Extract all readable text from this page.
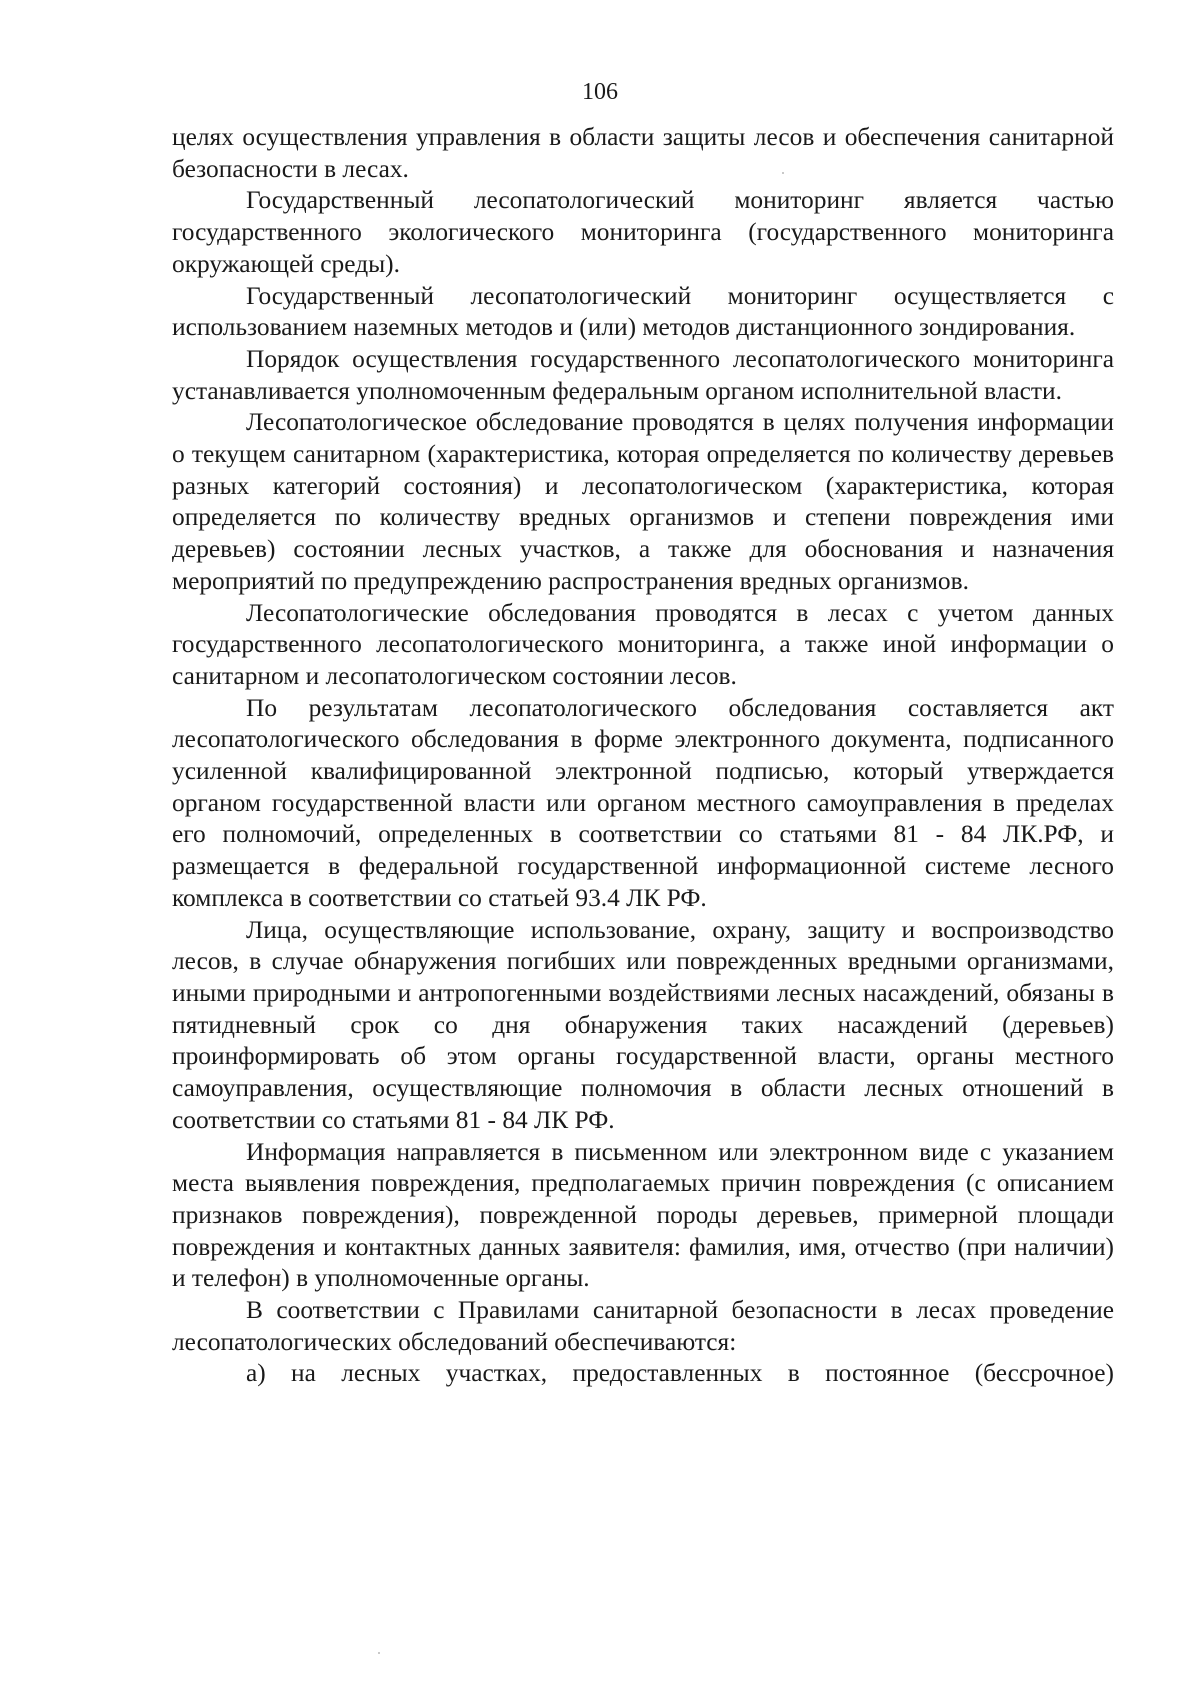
106

целях осуществления управления в области защиты лесов и обеспечения санитарной безопасности в лесах.

Государственный лесопатологический мониторинг является частью государственного экологического мониторинга (государственного мониторинга окружающей среды).

Государственный лесопатологический мониторинг осуществляется с использованием наземных методов и (или) методов дистанционного зондирования.

Порядок осуществления государственного лесопатологического мониторинга устанавливается уполномоченным федеральным органом исполнительной власти.

Лесопатологическое обследование проводятся в целях получения информации о текущем санитарном (характеристика, которая определяется по количеству деревьев разных категорий состояния) и лесопатологическом (характеристика, которая определяется по количеству вредных организмов и степени повреждения ими деревьев) состоянии лесных участков, а также для обоснования и назначения мероприятий по предупреждению распространения вредных организмов.

Лесопатологические обследования проводятся в лесах с учетом данных государственного лесопатологического мониторинга, а также иной информации о санитарном и лесопатологическом состоянии лесов.

По результатам лесопатологического обследования составляется акт лесопатологического обследования в форме электронного документа, подписанного усиленной квалифицированной электронной подписью, который утверждается органом государственной власти или органом местного самоуправления в пределах его полномочий, определенных в соответствии со статьями 81 - 84 ЛК.РФ, и размещается в федеральной государственной информационной системе лесного комплекса в соответствии со статьей 93.4 ЛК РФ.

Лица, осуществляющие использование, охрану, защиту и воспроизводство лесов, в случае обнаружения погибших или поврежденных вредными организмами, иными природными и антропогенными воздействиями лесных насаждений, обязаны в пятидневный срок со дня обнаружения таких насаждений (деревьев) проинформировать об этом органы государственной власти, органы местного самоуправления, осуществляющие полномочия в области лесных отношений в соответствии со статьями 81 - 84 ЛК РФ.

Информация направляется в письменном или электронном виде с указанием места выявления повреждения, предполагаемых причин повреждения (с описанием признаков повреждения), поврежденной породы деревьев, примерной площади повреждения и контактных данных заявителя: фамилия, имя, отчество (при наличии) и телефон) в уполномоченные органы.

В соответствии с Правилами санитарной безопасности в лесах проведение лесопатологических обследований обеспечиваются:

а) на лесных участках, предоставленных в постоянное (бессрочное)
